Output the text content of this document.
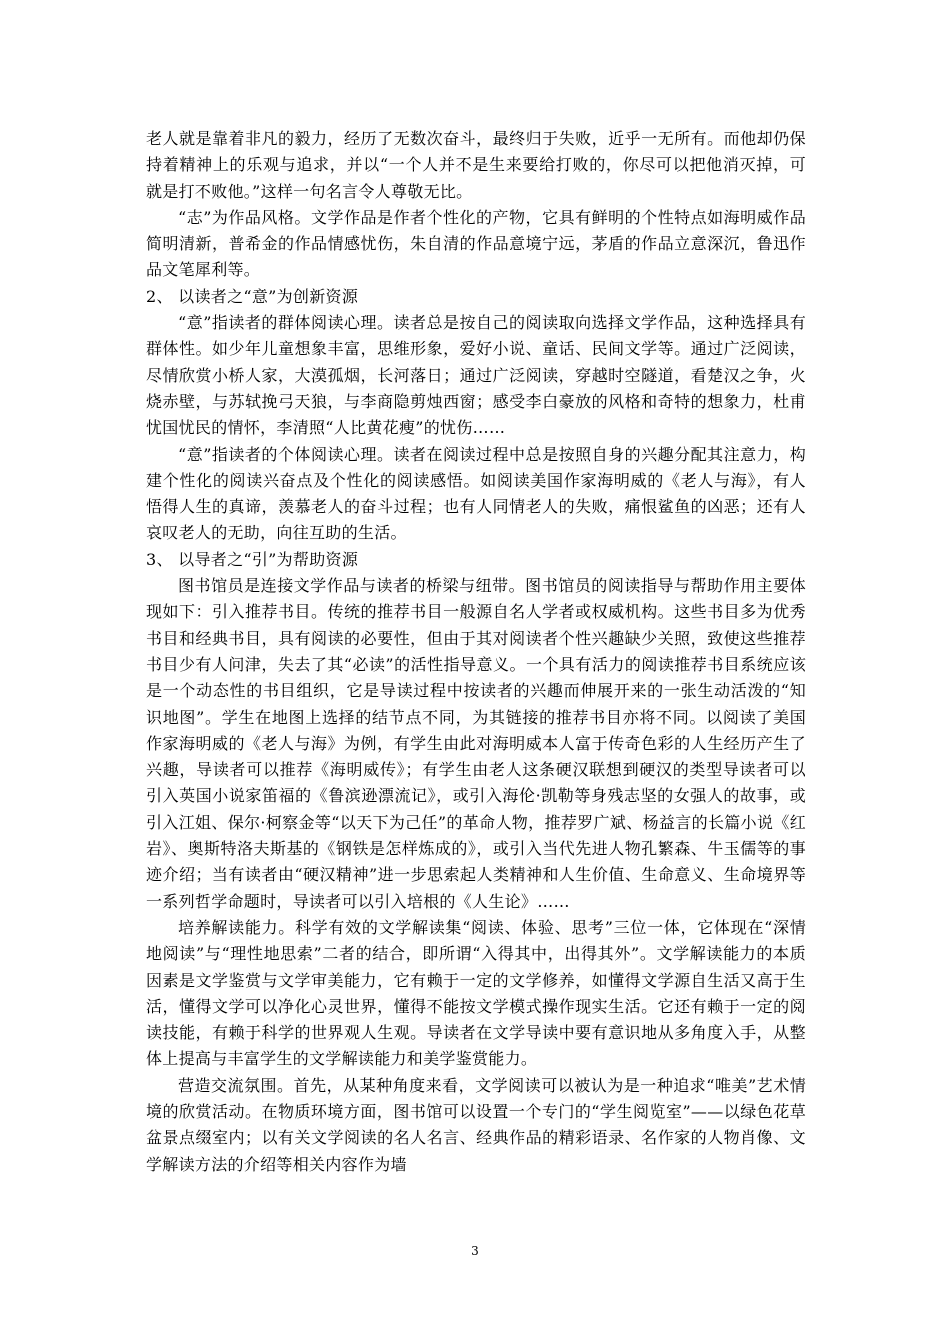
老人就是靠着非凡的毅力，经历了无数次奋斗，最终归于失败，近乎一无所有。而他却仍保持着精神上的乐观与追求，并以“一个人并不是生来要给打败的，你尽可以把他消灭掉，可就是打不败他。”这样一句名言令人尊敬无比。

“志”为作品风格。文学作品是作者个性化的产物，它具有鲜明的个性特点如海明威作品简明清新，普希金的作品情感忧伤，朱自清的作品意境宁远，茅盾的作品立意深沉，鲁迅作品文笔犀利等。

2、 以读者之“意”为创新资源

“意”指读者的群体阅读心理。读者总是按自己的阅读取向选择文学作品，这种选择具有群体性。如少年儿童想象丰富，思维形象，爱好小说、童话、民间文学等。通过广泛阅读，尽情欣赏小桥人家，大漠孤烟，长河落日；通过广泛阅读，穿越时空隧道，看楚汉之争，火烧赤壁，与苏轼挽弓天狼，与李商隐剪烛西窗；感受李白豪放的风格和奇特的想象力，杜甫忧国忧民的情怀，李清照“人比黄花瘦”的忧伤……

“意”指读者的个体阅读心理。读者在阅读过程中总是按照自身的兴趣分配其注意力，构建个性化的阅读兴奋点及个性化的阅读感悟。如阅读美国作家海明威的《老人与海》，有人悟得人生的真谛，羡慕老人的奋斗过程；也有人同情老人的失败，痛恨鲨鱼的凶恶；还有人哀叹老人的无助，向往互助的生活。

3、 以导者之“引”为帮助资源

图书馆员是连接文学作品与读者的桥梁与纽带。图书馆员的阅读指导与帮助作用主要体现如下：引入推荐书目。传统的推荐书目一般源自名人学者或权威机构。这些书目多为优秀书目和经典书目，具有阅读的必要性，但由于其对阅读者个性兴趣缺少关照，致使这些推荐书目少有人问津，失去了其“必读”的活性指导意义。一个具有活力的阅读推荐书目系统应该是一个动态性的书目组织，它是导读过程中按读者的兴趣而伸展开来的一张生动活泼的“知识地图”。学生在地图上选择的结节点不同，为其链接的推荐书目亦将不同。以阅读了美国作家海明威的《老人与海》为例，有学生由此对海明威本人富于传奇色彩的人生经历产生了兴趣，导读者可以推荐《海明威传》；有学生由老人这条硬汉联想到硬汉的类型导读者可以引入英国小说家笛福的《鲁滨逊漂流记》，或引入海伦·凯勒等身残志坚的女强人的故事，或引入江姐、保尔·柯察金等“以天下为己任”的革命人物，推荐罗广斌、杨益言的长篇小说《红岩》、奥斯特洛夫斯基的《钢铁是怎样炼成的》，或引入当代先进人物孔繁森、牛玉儒等的事迹介绍；当有读者由“硬汉精神”进一步思索起人类精神和人生价值、生命意义、生命境界等一系列哲学命题时，导读者可以引入培根的《人生论》……

培养解读能力。科学有效的文学解读集“阅读、体验、思考”三位一体，它体现在“深情地阅读”与“理性地思索”二者的结合，即所谓“入得其中，出得其外”。文学解读能力的本质因素是文学鉴赏与文学审美能力，它有赖于一定的文学修养，如懂得文学源自生活又高于生活，懂得文学可以净化心灵世界，懂得不能按文学模式操作现实生活。它还有赖于一定的阅读技能，有赖于科学的世界观人生观。导读者在文学导读中要有意识地从多角度入手，从整体上提高与丰富学生的文学解读能力和美学鉴赏能力。

营造交流氛围。首先，从某种角度来看，文学阅读可以被认为是一种追求“唯美”艺术情境的欣赏活动。在物质环境方面，图书馆可以设置一个专门的“学生阅览室”——以绿色花草盆景点缀室内；以有关文学阅读的名人名言、经典作品的精彩语录、名作家的人物肖像、文学解读方法的介绍等相关内容作为墙

3
